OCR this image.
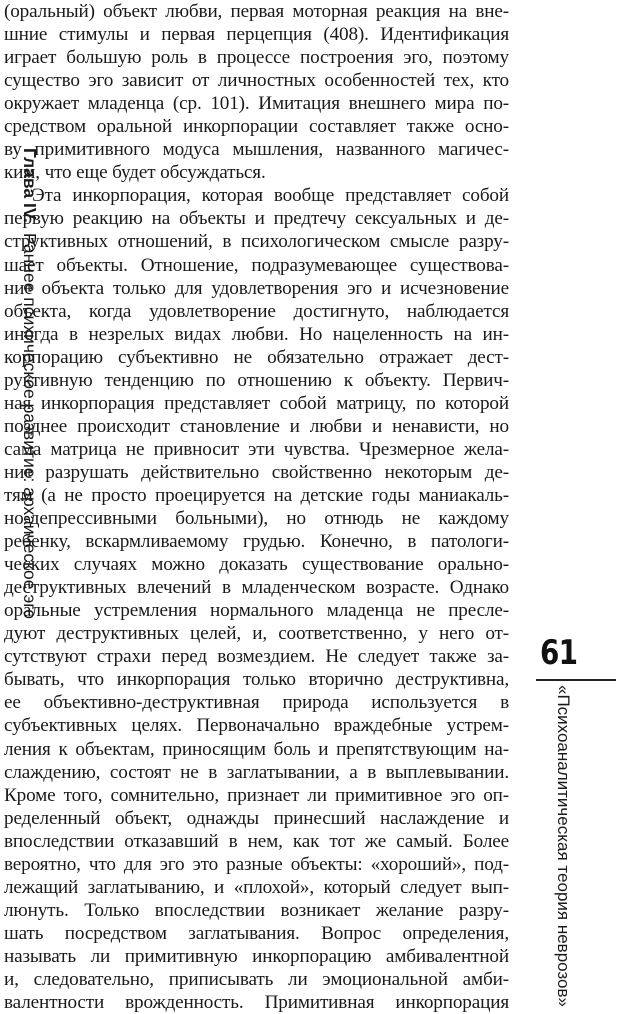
(оральный) объект любви, первая моторная реакция на вне-
шние стимулы и первая перцепция (408). Идентификация
играет большую роль в процессе построения эго, поэтому
существо эго зависит от личностных особенностей тех, кто
окружает младенца (ср. 101). Имитация внешнего мира по-
средством оральной инкорпорации составляет также осно-
ву примитивного модуса мышления, названного магичес-
ким, что еще будет обсуждаться.
Эта инкорпорация, которая вообще представляет собой
первую реакцию на объекты и предтечу сексуальных и де-
структивных отношений, в психологическом смысле разру-
шает объекты. Отношение, подразумевающее существова-
ние объекта только для удовлетворения эго и исчезновение
объекта, когда удовлетворение достигнуто, наблюдается
иногда в незрелых видах любви. Но нацеленность на ин-
корпорацию субъективно не обязательно отражает дест-
руктивную тенденцию по отношению к объекту. Первич-
ная инкорпорация представляет собой матрицу, по которой
позднее происходит становление и любви и ненависти, но
сама матрица не привносит эти чувства. Чрезмерное жела-
ние разрушать действительно свойственно некоторым де-
тям (а не просто проецируется на детские годы маниакаль-
но-депрессивными больными), но отнюдь не каждому
ребенку, вскармливаемому грудью. Конечно, в патологи-
ческих случаях можно доказать существование орально-
деструктивных влечений в младенческом возрасте. Однако
оральные устремления нормального младенца не пресле-
дуют деструктивных целей, и, соответственно, у него от-
сутствуют страхи перед возмездием. Не следует также за-
бывать, что инкорпорация только вторично деструктивна,
ее объективно-деструктивная природа используется в
субъективных целях. Первоначально враждебные устрем-
ления к объектам, приносящим боль и препятствующим на-
слаждению, состоят не в заглатывании, а в выплевывании.
Кроме того, сомнительно, признает ли примитивное эго оп-
ределенный объект, однажды принесший наслаждение и
впоследствии отказавший в нем, как тот же самый. Более
вероятно, что для эго это разные объекты: «хороший», под-
лежащий заглатыванию, и «плохой», который следует вып-
люнуть. Только впоследствии возникает желание разру-
шать посредством заглатывания. Вопрос определения,
называть ли примитивную инкорпорацию амбивалентной
и, следовательно, приписывать ли эмоциональной амби-
валентности врожденность. Примитивная инкорпорация
Глава IV.Раннее психическое развитие: архаическое эго
61
«Психоаналитическая теория неврозов»
